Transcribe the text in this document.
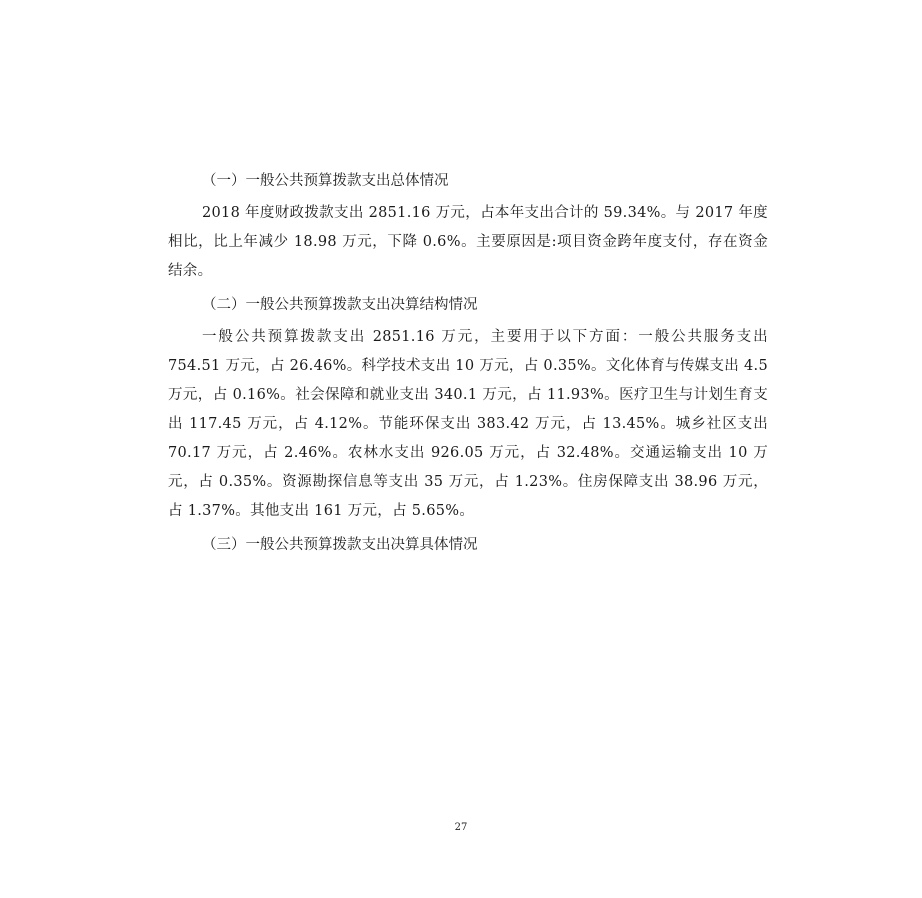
（一）一般公共预算拨款支出总体情况

2018 年度财政拨款支出 2851.16 万元，占本年支出合计的 59.34%。与 2017 年度相比，比上年减少 18.98 万元，下降 0.6%。主要原因是:项目资金跨年度支付，存在资金结余。

（二）一般公共预算拨款支出决算结构情况

一般公共预算拨款支出 2851.16 万元，主要用于以下方面：一般公共服务支出 754.51 万元，占 26.46%。科学技术支出 10 万元，占 0.35%。文化体育与传媒支出 4.5 万元，占 0.16%。社会保障和就业支出 340.1 万元，占 11.93%。医疗卫生与计划生育支出 117.45 万元，占 4.12%。节能环保支出 383.42 万元，占 13.45%。城乡社区支出 70.17 万元，占 2.46%。农林水支出 926.05 万元，占 32.48%。交通运输支出 10 万元，占 0.35%。资源勘探信息等支出 35 万元，占 1.23%。住房保障支出 38.96 万元，占 1.37%。其他支出 161 万元，占 5.65%。

（三）一般公共预算拨款支出决算具体情况

27
